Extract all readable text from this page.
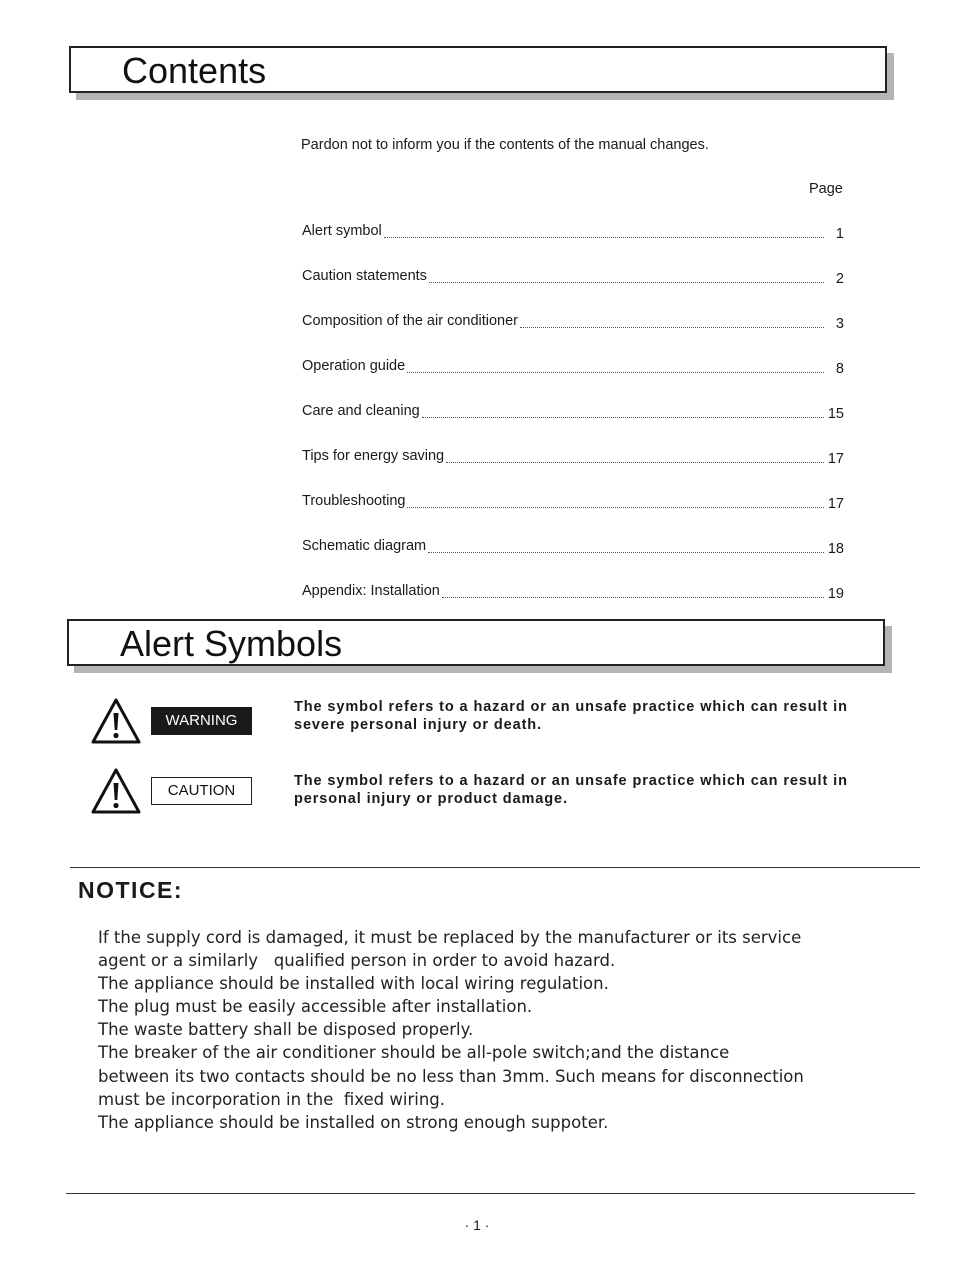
Contents
Pardon not to inform you if the contents of the manual changes.
Page
Alert symbol	1
Caution statements	2
Composition of the air conditioner	3
Operation guide	8
Care and cleaning	15
Tips for energy saving	17
Troubleshooting	17
Schematic diagram	18
Appendix: Installation	19
Alert Symbols
WARNING
The symbol refers to a hazard or an unsafe practice which can result in
severe personal injury or death.
CAUTION
The symbol refers to a hazard or an unsafe practice which can result in
personal injury or product damage.
NOTICE:
If the supply cord is damaged, it must be replaced by the manufacturer or its service
agent or a similarly   qualified person in order to avoid hazard.
The appliance should be installed with local wiring regulation.
The plug must be easily accessible after installation.
The waste battery shall be disposed properly.
The breaker of the air conditioner should be all-pole switch;and the distance
between its two contacts should be no less than 3mm. Such means for disconnection
must be incorporation in the  fixed wiring.
The appliance should be installed on strong enough suppoter.
· 1 ·
